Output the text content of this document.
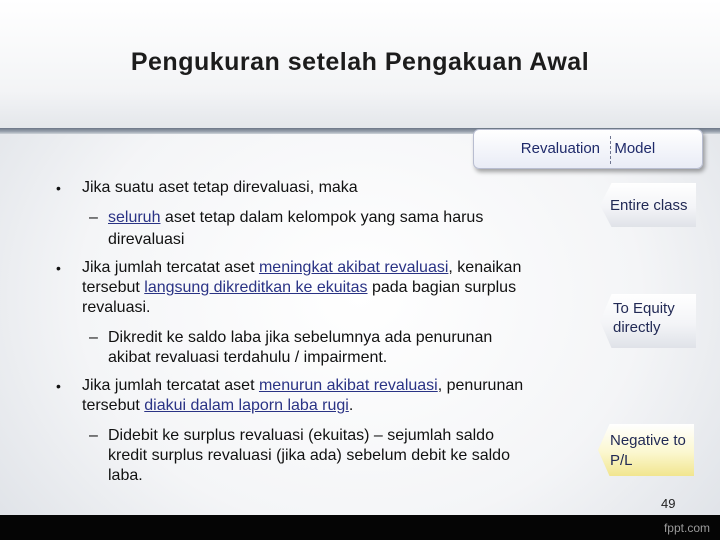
Pengukuran setelah Pengakuan Awal
Revaluation Model
• Jika suatu aset tetap direvaluasi, maka
– seluruh aset tetap dalam kelompok yang sama harus
direvaluasi
• Jika jumlah tercatat aset meningkat akibat revaluasi, kenaikan
tersebut langsung dikreditkan ke ekuitas pada bagian surplus
revaluasi.
– Dikredit ke saldo laba jika sebelumnya ada penurunan
akibat revaluasi terdahulu / impairment.
• Jika jumlah tercatat aset menurun akibat revaluasi, penurunan
tersebut diakui dalam laporn laba rugi.
– Didebit ke surplus revaluasi (ekuitas) – sejumlah saldo
kredit surplus revaluasi (jika ada) sebelum debit ke saldo
laba.
Entire class
To Equity
directly
Negative to
P/L
49
fppt.com
